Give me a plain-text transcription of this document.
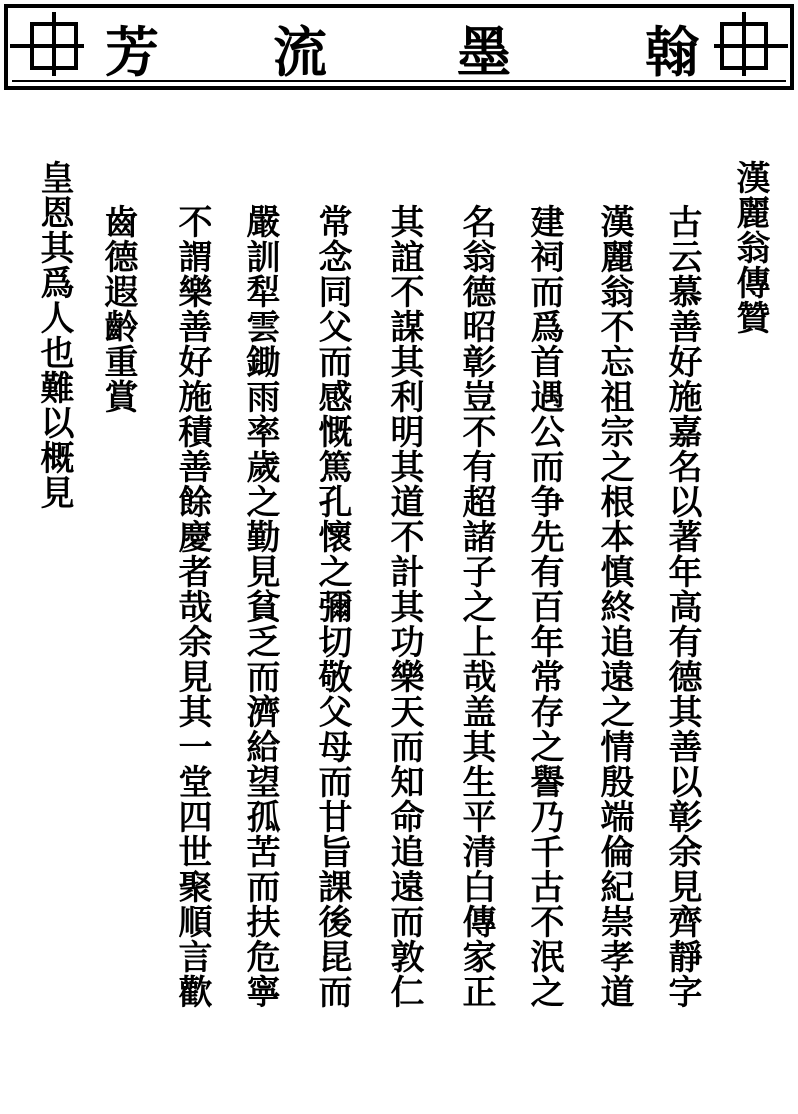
翰
墨
流
芳
漢麗翁傳贊
古云慕善好施嘉名以著年高有德其善以彰余見齊靜字
漢麗翁不忘祖宗之根本慎終追遠之情殷端倫紀崇孝道
建祠而爲首遇公而争先有百年常存之譽乃千古不泯之
名翁德昭彰豈不有超諸子之上哉盖其生平清白傳家正
其誼不謀其利明其道不計其功樂天而知命追遠而敦仁
常念同父而感慨篤孔懷之彌切敬父母而甘旨課後昆而
嚴訓犁雲鋤雨率歲之勤見貧乏而濟給望孤苦而扶危寧
不謂樂善好施積善餘慶者哉余見其一堂四世聚順言歡
齒德遐齡重賞
皇恩其爲人也難以概見
